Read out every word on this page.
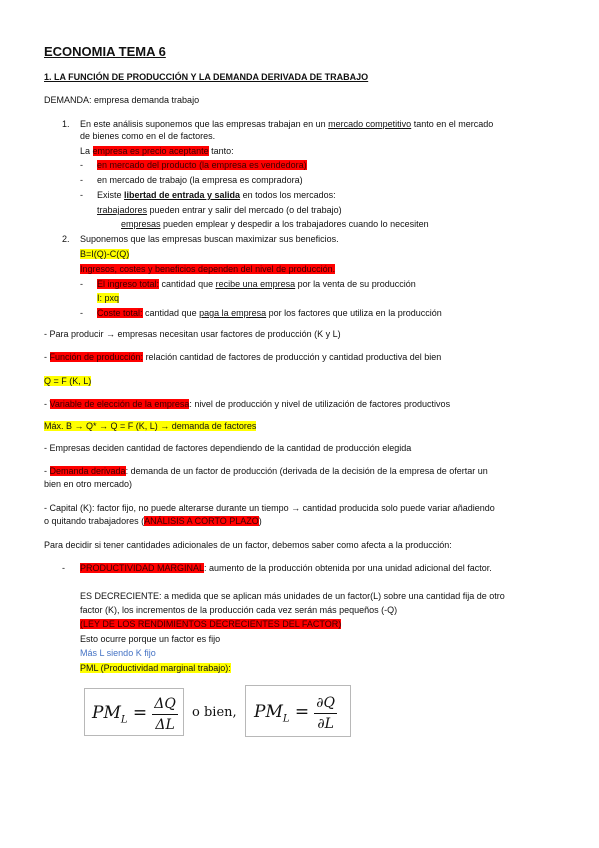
ECONOMIA TEMA 6
1. LA FUNCIÓN DE PRODUCCIÓN Y LA DEMANDA DERIVADA DE TRABAJO
DEMANDA: empresa demanda trabajo
1. En este análisis suponemos que las empresas trabajan en un mercado competitivo tanto en el mercado
de bienes como en el de factores.
La empresa es precio aceptante tanto:
- en mercado del producto (la empresa es vendedora)
- en mercado de trabajo (la empresa es compradora)
- Existe libertad de entrada y salida en todos los mercados:
trabajadores pueden entrar y salir del mercado (o del trabajo)
empresas pueden emplear y despedir a los trabajadores cuando lo necesiten
2. Suponemos que las empresas buscan maximizar sus beneficios.
B=I(Q)-C(Q)
Ingresos, costes y beneficios dependen del nivel de producción.
- El ingreso total: cantidad que recibe una empresa por la venta de su producción
I: pxq
- Coste total: cantidad que paga la empresa por los factores que utiliza en la producción
- Para producir → empresas necesitan usar factores de producción (K y L)
- Función de producción: relación cantidad de factores de producción y cantidad productiva del bien
Q = F (K, L)
- Variable de elección de la empresa: nivel de producción y nivel de utilización de factores productivos
Máx. B → Q* → Q = F (K, L) → demanda de factores
- Empresas deciden cantidad de factores dependiendo de la cantidad de producción elegida
- Demanda derivada: demanda de un factor de producción (derivada de la decisión de la empresa de ofertar un
bien en otro mercado)
- Capital (K): factor fijo, no puede alterarse durante un tiempo → cantidad producida solo puede variar añadiendo
o quitando trabajadores (ANÁLISIS A CORTO PLAZO)
Para decidir si tener cantidades adicionales de un factor, debemos saber como afecta a la producción:
- PRODUCTIVIDAD MARGINAL: aumento de la producción obtenida por una unidad adicional del factor.
ES DECRECIENTE: a medida que se aplican más unidades de un factor(L) sobre una cantidad fija de otro
factor (K), los incrementos de la producción cada vez serán más pequeños (-Q)
(LEY DE LOS RENDIMIENTOS DECRECIENTES DEL FACTOR)
Esto ocurre porque un factor es fijo
Más L siendo K fijo
PML (Productividad marginal trabajo):
$PM_L = \frac{\Delta Q}{\Delta L}$ o bien, $PM_L = \frac{\partial Q}{\partial L}$
